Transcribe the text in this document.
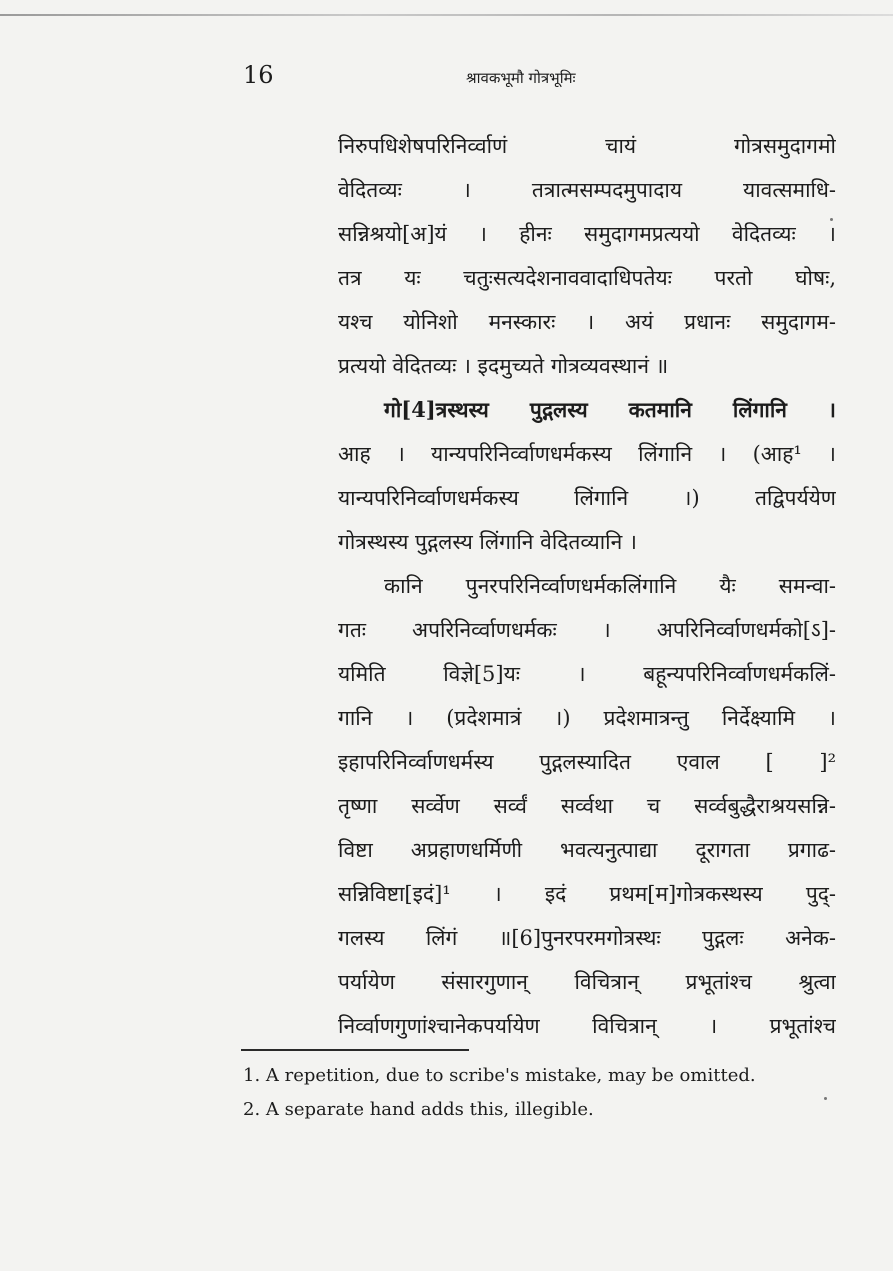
16	श्रावकभूमौ गोत्रभूमिः
निरुपधिशेषपरिनिर्व्वाणं चायं गोत्रसमुदागमो
वेदितव्यः । तत्रात्मसम्पदमुपादाय यावत्समाधि-
सन्निश्रयो[अ]यं । हीनः समुदागमप्रत्ययो वेदितव्यः ।
तत्र यः चतुःसत्यदेशनाववादाधिपतेयः परतो घोषः,
यश्च योनिशो मनस्कारः । अयं प्रधानः समुदागम-
प्रत्ययो वेदितव्यः । इदमुच्यते गोत्रव्यवस्थानं ॥
गो[4]त्रस्थस्य पुद्गलस्य कतमानि लिंगानि ।
आह । यान्यपरिनिर्व्वाणधर्मकस्य लिंगानि । (आह¹ ।
यान्यपरिनिर्व्वाणधर्मकस्य लिंगानि ।) तद्विपर्ययेण
गोत्रस्थस्य पुद्गलस्य लिंगानि वेदितव्यानि ।
कानि पुनरपरिनिर्व्वाणधर्मकलिंगानि यैः समन्वा-
गतः अपरिनिर्व्वाणधर्मकः । अपरिनिर्व्वाणधर्मको[ऽ]-
यमिति विज्ञे[5]यः । बहून्यपरिनिर्व्वाणधर्मकलिं-
गानि । (प्रदेशमात्रं ।) प्रदेशमात्रन्तु निर्देक्ष्यामि ।
इहापरिनिर्व्वाणधर्मस्य पुद्गलस्यादित एवाल [ ]²
तृष्णा सर्व्वेण सर्व्वं सर्व्वथा च सर्व्वबुद्धैराश्रयसन्नि-
विष्टा अप्रहाणधर्मिणी भवत्यनुत्पाद्या दूरागता प्रगाढ-
सन्निविष्टा[इदं]¹ । इदं प्रथम[म]गोत्रकस्थस्य पुद्-
गलस्य लिंगं ॥[6]पुनरपरमगोत्रस्थः पुद्गलः अनेक-
पर्यायेण संसारगुणान् विचित्रान् प्रभूतांश्च श्रुत्वा
निर्व्वाणगुणांश्चानेकपर्यायेण विचित्रान् । प्रभूतांश्च
1. A repetition, due to scribe's mistake, may be omitted.
2. A separate hand adds this, illegible.
